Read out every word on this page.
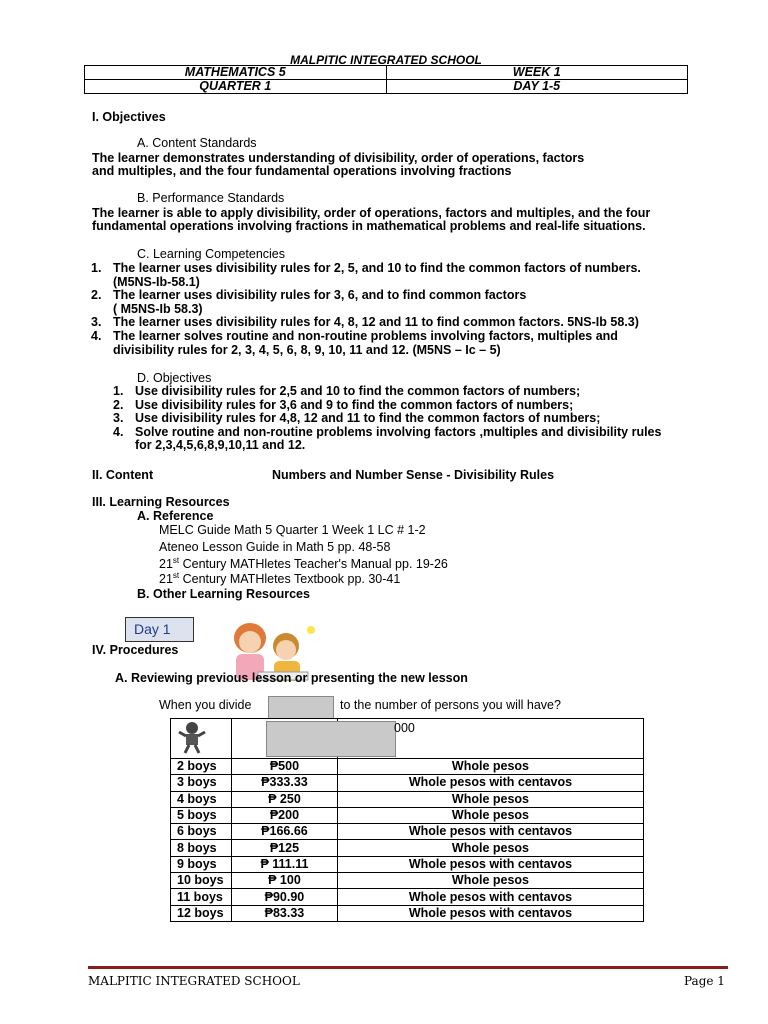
MALPITIC INTEGRATED SCHOOL
MATHEMATICS 5	WEEK 1
QUARTER 1	DAY 1-5
I. Objectives
A. Content Standards
The learner demonstrates understanding of divisibility, order of operations, factors
and multiples, and the four fundamental operations involving fractions
B. Performance Standards
The learner is able to apply divisibility, order of operations, factors and multiples, and the four
fundamental operations involving fractions in mathematical problems and real-life situations.
C. Learning Competencies
1. The learner uses divisibility rules for 2, 5, and 10 to find the common factors of numbers.
(M5NS-Ib-58.1)
2. The learner uses divisibility rules for 3, 6, and to find common factors
( M5NS-Ib 58.3)
3. The learner uses divisibility rules for 4, 8, 12 and 11 to find common factors. 5NS-Ib 58.3)
4. The learner solves routine and non-routine problems involving factors, multiples and
divisibility rules for 2, 3, 4, 5, 6, 8, 9, 10, 11 and 12. (M5NS – Ic – 5)
D. Objectives
1. Use divisibility rules for 2,5 and 10 to find the common factors of numbers;
2. Use divisibility rules for 3,6 and 9 to find the common factors of numbers;
3. Use divisibility rules for 4,8, 12 and 11 to find the common factors of numbers;
4. Solve routine and non-routine problems involving factors ,multiples and divisibility rules
for 2,3,4,5,6,8,9,10,11 and 12.
II. Content	Numbers and Number Sense - Divisibility Rules
III. Learning Resources
A. Reference
MELC Guide Math 5 Quarter 1 Week 1 LC # 1-2
Ateneo Lesson Guide in Math 5 pp. 48-58
21st Century MATHletes Teacher's Manual pp. 19-26
21st Century MATHletes Textbook pp. 30-41
B. Other Learning Resources
Day 1
IV. Procedures
A. Reviewing previous lesson or presenting the new lesson
When you divide	to the number of persons you will have?

000	

2 boys	₱500	Whole pesos
3 boys	₱333.33	Whole pesos with centavos
4 boys	₱ 250	Whole pesos
5 boys	₱200	Whole pesos
6 boys	₱166.66	Whole pesos with centavos
8 boys	₱125	Whole pesos
9 boys	₱ 111.11	Whole pesos with centavos
10 boys	₱ 100	Whole pesos
11 boys	₱90.90	Whole pesos with centavos
12 boys	₱83.33	Whole pesos with centavos
MALPITIC INTEGRATED SCHOOL	Page 1
